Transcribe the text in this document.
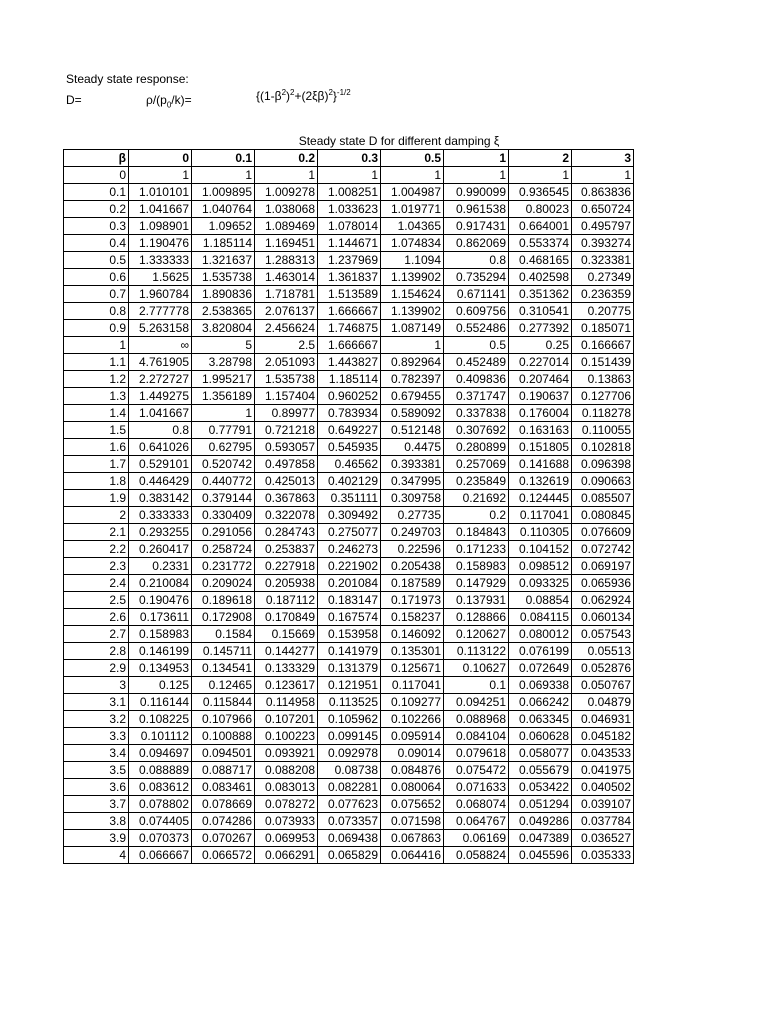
Steady state response:
D=	$\rho/(p_0/k)=$	$\{(1-\beta^2)^2+(2\xi\beta)^2\}^{-1/2}$
Steady state D for different damping ξ
β	0	0.1	0.2	0.3	0.5	1	2	3
0	1	1	1	1	1	1	1	1
0.1	1.010101	1.009895	1.009278	1.008251	1.004987	0.990099	0.936545	0.863836
0.2	1.041667	1.040764	1.038068	1.033623	1.019771	0.961538	0.80023	0.650724
0.3	1.098901	1.09652	1.089469	1.078014	1.04365	0.917431	0.664001	0.495797
0.4	1.190476	1.185114	1.169451	1.144671	1.074834	0.862069	0.553374	0.393274
0.5	1.333333	1.321637	1.288313	1.237969	1.1094	0.8	0.468165	0.323381
0.6	1.5625	1.535738	1.463014	1.361837	1.139902	0.735294	0.402598	0.27349
0.7	1.960784	1.890836	1.718781	1.513589	1.154624	0.671141	0.351362	0.236359
0.8	2.777778	2.538365	2.076137	1.666667	1.139902	0.609756	0.310541	0.20775
0.9	5.263158	3.820804	2.456624	1.746875	1.087149	0.552486	0.277392	0.185071
1	∞	5	2.5	1.666667	1	0.5	0.25	0.166667
1.1	4.761905	3.28798	2.051093	1.443827	0.892964	0.452489	0.227014	0.151439
1.2	2.272727	1.995217	1.535738	1.185114	0.782397	0.409836	0.207464	0.13863
1.3	1.449275	1.356189	1.157404	0.960252	0.679455	0.371747	0.190637	0.127706
1.4	1.041667	1	0.89977	0.783934	0.589092	0.337838	0.176004	0.118278
1.5	0.8	0.77791	0.721218	0.649227	0.512148	0.307692	0.163163	0.110055
1.6	0.641026	0.62795	0.593057	0.545935	0.4475	0.280899	0.151805	0.102818
1.7	0.529101	0.520742	0.497858	0.46562	0.393381	0.257069	0.141688	0.096398
1.8	0.446429	0.440772	0.425013	0.402129	0.347995	0.235849	0.132619	0.090663
1.9	0.383142	0.379144	0.367863	0.351111	0.309758	0.21692	0.124445	0.085507
2	0.333333	0.330409	0.322078	0.309492	0.27735	0.2	0.117041	0.080845
2.1	0.293255	0.291056	0.284743	0.275077	0.249703	0.184843	0.110305	0.076609
2.2	0.260417	0.258724	0.253837	0.246273	0.22596	0.171233	0.104152	0.072742
2.3	0.2331	0.231772	0.227918	0.221902	0.205438	0.158983	0.098512	0.069197
2.4	0.210084	0.209024	0.205938	0.201084	0.187589	0.147929	0.093325	0.065936
2.5	0.190476	0.189618	0.187112	0.183147	0.171973	0.137931	0.08854	0.062924
2.6	0.173611	0.172908	0.170849	0.167574	0.158237	0.128866	0.084115	0.060134
2.7	0.158983	0.1584	0.15669	0.153958	0.146092	0.120627	0.080012	0.057543
2.8	0.146199	0.145711	0.144277	0.141979	0.135301	0.113122	0.076199	0.05513
2.9	0.134953	0.134541	0.133329	0.131379	0.125671	0.10627	0.072649	0.052876
3	0.125	0.12465	0.123617	0.121951	0.117041	0.1	0.069338	0.050767
3.1	0.116144	0.115844	0.114958	0.113525	0.109277	0.094251	0.066242	0.04879
3.2	0.108225	0.107966	0.107201	0.105962	0.102266	0.088968	0.063345	0.046931
3.3	0.101112	0.100888	0.100223	0.099145	0.095914	0.084104	0.060628	0.045182
3.4	0.094697	0.094501	0.093921	0.092978	0.09014	0.079618	0.058077	0.043533
3.5	0.088889	0.088717	0.088208	0.08738	0.084876	0.075472	0.055679	0.041975
3.6	0.083612	0.083461	0.083013	0.082281	0.080064	0.071633	0.053422	0.040502
3.7	0.078802	0.078669	0.078272	0.077623	0.075652	0.068074	0.051294	0.039107
3.8	0.074405	0.074286	0.073933	0.073357	0.071598	0.064767	0.049286	0.037784
3.9	0.070373	0.070267	0.069953	0.069438	0.067863	0.06169	0.047389	0.036527
4	0.066667	0.066572	0.066291	0.065829	0.064416	0.058824	0.045596	0.035333
